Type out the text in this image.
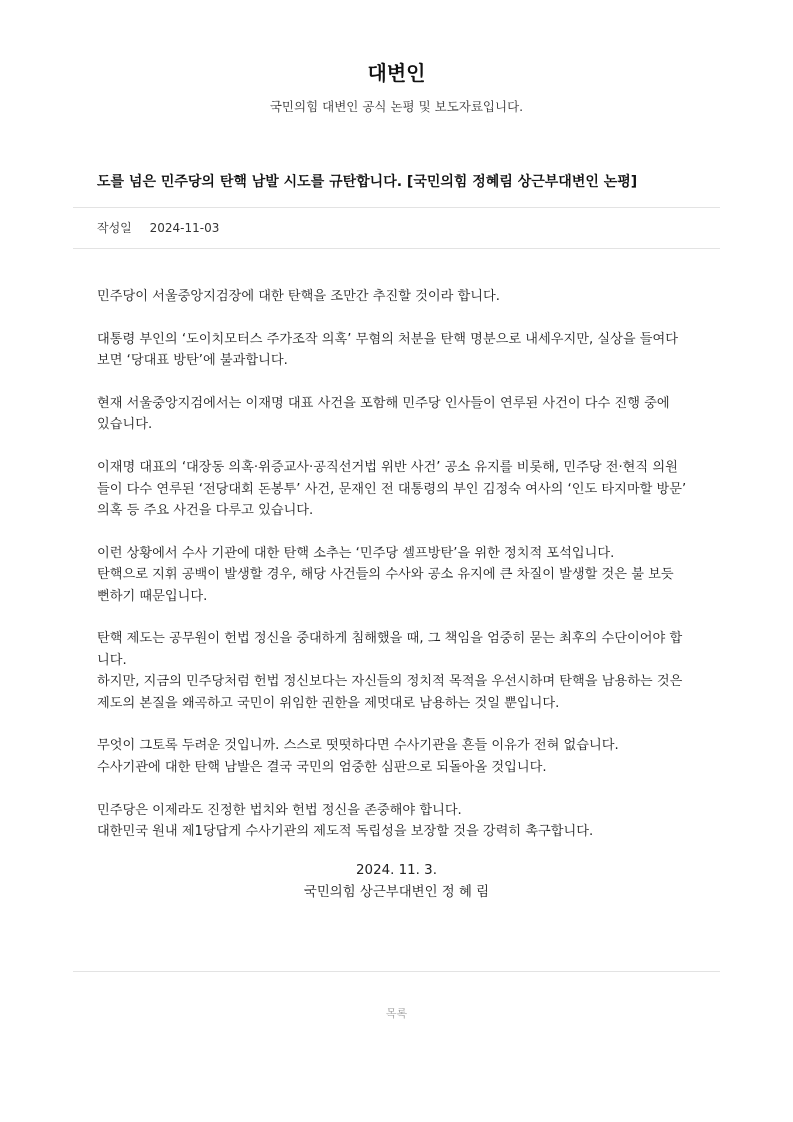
대변인
국민의힘 대변인 공식 논평 및 보도자료입니다.
도를 넘은 민주당의 탄핵 남발 시도를 규탄합니다. [국민의힘 정혜림 상근부대변인 논평]
작성일 2024-11-03

민주당이 서울중앙지검장에 대한 탄핵을 조만간 추진할 것이라 합니다.

대통령 부인의 ‘도이치모터스 주가조작 의혹’ 무혐의 처분을 탄핵 명분으로 내세우지만, 실상을 들여다
보면 ‘당대표 방탄’에 불과합니다.

현재 서울중앙지검에서는 이재명 대표 사건을 포함해 민주당 인사들이 연루된 사건이 다수 진행 중에
있습니다.

이재명 대표의 ‘대장동 의혹·위증교사·공직선거법 위반 사건’ 공소 유지를 비롯해, 민주당 전·현직 의원
들이 다수 연루된 ‘전당대회 돈봉투’ 사건, 문재인 전 대통령의 부인 김정숙 여사의 ‘인도 타지마할 방문’
의혹 등 주요 사건을 다루고 있습니다.

이런 상황에서 수사 기관에 대한 탄핵 소추는 ‘민주당 셀프방탄’을 위한 정치적 포석입니다.
탄핵으로 지휘 공백이 발생할 경우, 해당 사건들의 수사와 공소 유지에 큰 차질이 발생할 것은 불 보듯
뻔하기 때문입니다.

탄핵 제도는 공무원이 헌법 정신을 중대하게 침해했을 때, 그 책임을 엄중히 묻는 최후의 수단이어야 합
니다.
하지만, 지금의 민주당처럼 헌법 정신보다는 자신들의 정치적 목적을 우선시하며 탄핵을 남용하는 것은
제도의 본질을 왜곡하고 국민이 위임한 권한을 제멋대로 남용하는 것일 뿐입니다.

무엇이 그토록 두려운 것입니까. 스스로 떳떳하다면 수사기관을 흔들 이유가 전혀 없습니다.
수사기관에 대한 탄핵 남발은 결국 국민의 엄중한 심판으로 되돌아올 것입니다.

민주당은 이제라도 진정한 법치와 헌법 정신을 존중해야 합니다.
대한민국 원내 제1당답게 수사기관의 제도적 독립성을 보장할 것을 강력히 촉구합니다.

2024. 11. 3.
국민의힘 상근부대변인 정 혜 림
목록
